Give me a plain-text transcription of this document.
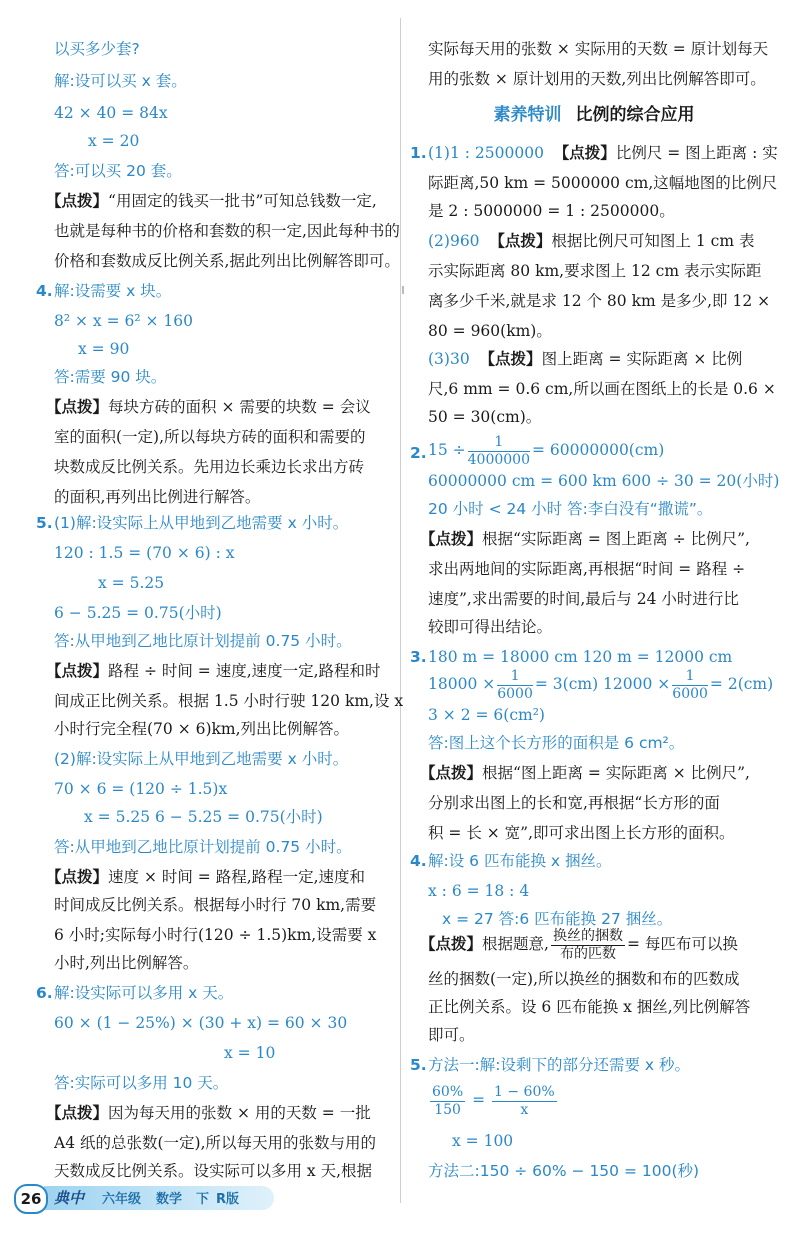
以买多少套?
解:设可以买 x 套。
42 × 40 = 84x
x = 20
答:可以买 20 套。
【点拨】“用固定的钱买一批书”可知总钱数一定,
也就是每种书的价格和套数的积一定,因此每种书的
价格和套数成反比例关系,据此列出比例解答即可。
4. 解:设需要 x 块。
8² × x = 6² × 160
x = 90
答:需要 90 块。
【点拨】每块方砖的面积 × 需要的块数 = 会议
室的面积(一定),所以每块方砖的面积和需要的
块数成反比例关系。先用边长乘边长求出方砖
的面积,再列出比例进行解答。
5. (1)解:设实际上从甲地到乙地需要 x 小时。
120 : 1.5 = (70 × 6) : x
x = 5.25
6 − 5.25 = 0.75(小时)
答:从甲地到乙地比原计划提前 0.75 小时。
【点拨】路程 ÷ 时间 = 速度,速度一定,路程和时
间成正比例关系。根据 1.5 小时行驶 120 km,设 x
小时行完全程(70 × 6)km,列出比例解答。
(2)解:设实际上从甲地到乙地需要 x 小时。
70 × 6 = (120 ÷ 1.5)x
x = 5.25 6 − 5.25 = 0.75(小时)
答:从甲地到乙地比原计划提前 0.75 小时。
【点拨】速度 × 时间 = 路程,路程一定,速度和
时间成反比例关系。根据每小时行 70 km,需要
6 小时;实际每小时行(120 ÷ 1.5)km,设需要 x
小时,列出比例解答。
6. 解:设实际可以多用 x 天。
60 × (1 − 25%) × (30 + x) = 60 × 30
x = 10
答:实际可以多用 10 天。
【点拨】因为每天用的张数 × 用的天数 = 一批
A4 纸的总张数(一定),所以每天用的张数与用的
天数成反比例关系。设实际可以多用 x 天,根据
实际每天用的张数 × 实际用的天数 = 原计划每天
用的张数 × 原计划用的天数,列出比例解答即可。
素养特训 比例的综合应用
1. (1)1 : 2500000 【点拨】比例尺 = 图上距离 : 实
际距离,50 km = 5000000 cm,这幅地图的比例尺
是 2 : 5000000 = 1 : 2500000。
(2)960 【点拨】根据比例尺可知图上 1 cm 表
示实际距离 80 km,要求图上 12 cm 表示实际距
离多少千米,就是求 12 个 80 km 是多少,即 12 ×
80 = 960(km)。
(3)30 【点拨】图上距离 = 实际距离 × 比例
尺,6 mm = 0.6 cm,所以画在图纸上的长是 0.6 ×
50 = 30(cm)。
2. $15 \div \frac{1}{4000000} = 60000000(cm)$
60000000 cm = 600 km 600 ÷ 30 = 20(小时)
20 小时 < 24 小时 答:李白没有“撒谎”。
【点拨】根据“实际距离 = 图上距离 ÷ 比例尺”,
求出两地间的实际距离,再根据“时间 = 路程 ÷
速度”,求出需要的时间,最后与 24 小时进行比
较即可得出结论。
3. 180 m = 18000 cm 120 m = 12000 cm
$18000 \times \frac{1}{6000} = 3(cm) 12000 \times \frac{1}{6000} = 2(cm)$
3 × 2 = 6(cm²)
答:图上这个长方形的面积是 6 cm²。
【点拨】根据“图上距离 = 实际距离 × 比例尺”,
分别求出图上的长和宽,再根据“长方形的面
积 = 长 × 宽”,即可求出图上长方形的面积。
4. 解:设 6 匹布能换 x 捆丝。
x : 6 = 18 : 4
x = 27 答:6 匹布能换 27 捆丝。
【点拨】根据题意, $\frac{\text{换丝的捆数}}{\text{布的匹数}}$ = 每匹布可以换
丝的捆数(一定),所以换丝的捆数和布的匹数成
正比例关系。设 6 匹布能换 x 捆丝,列比例解答
即可。
5. 方法一:解:设剩下的部分还需要 x 秒。
$\frac{60\%}{150} = \frac{1 - 60\%}{x}$
x = 100
方法二:150 ÷ 60% − 150 = 100(秒)
典中 六年级 数学 下 R版
26
